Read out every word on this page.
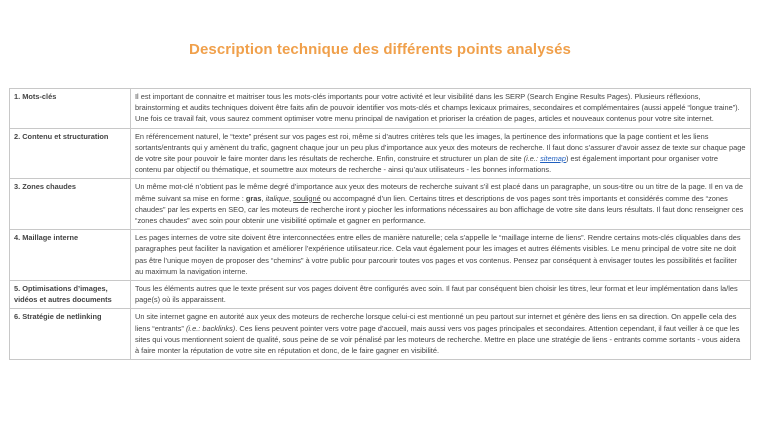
Description technique des différents points analysés
1. Mots-clés	Il est important de connaitre et maitriser tous les mots-clés importants pour votre activité et leur visibilité dans les SERP (Search Engine Results Pages). Plusieurs réflexions, brainstorming et audits techniques doivent être faits afin de pouvoir identifier vos mots-clés et champs lexicaux primaires, secondaires et complémentaires (aussi appelé “longue traine”). Une fois ce travail fait, vous saurez comment optimiser votre menu principal de navigation et prioriser la création de pages, articles et nouveaux contenus pour votre site internet.
2. Contenu et structuration	En référencement naturel, le “texte” présent sur vos pages est roi, même si d’autres critères tels que les images, la pertinence des informations que la page contient et les liens sortants/entrants qui y amènent du trafic, gagnent chaque jour un peu plus d’importance aux yeux des moteurs de recherche. Il faut donc s’assurer d’avoir assez de texte sur chaque page de votre site pour pouvoir le faire monter dans les résultats de recherche. Enfin, construire et structurer un plan de site (i.e.: sitemap) est également important pour organiser votre contenu par objectif ou thématique, et soumettre aux moteurs de recherche - ainsi qu’aux utilisateurs - les bonnes informations.
3. Zones chaudes	Un même mot-clé n’obtient pas le même degré d’importance aux yeux des moteurs de recherche suivant s’il est placé dans un paragraphe, un sous-titre ou un titre de la page. Il en va de même suivant sa mise en forme : gras, italique, souligné ou accompagné d’un lien. Certains titres et descriptions de vos pages sont très importants et considérés comme des “zones chaudes” par les experts en SEO, car les moteurs de recherche iront y piocher les informations nécessaires au bon affichage de votre site dans leurs résultats. Il faut donc renseigner ces “zones chaudes” avec soin pour obtenir une visibilité optimale et gagner en performance.
4. Maillage interne	Les pages internes de votre site doivent être interconnectées entre elles de manière naturelle; cela s’appelle le “maillage interne de liens”. Rendre certains mots-clés cliquables dans des paragraphes peut faciliter la navigation et améliorer l’expérience utilisateur.rice. Cela vaut également pour les images et autres éléments visibles. Le menu principal de votre site ne doit pas être l’unique moyen de proposer des “chemins” à votre public pour parcourir toutes vos pages et vos contenus. Pensez par conséquent à envisager toutes les possibilités et faciliter au maximum la navigation interne.
5. Optimisations d’images, vidéos et autres documents	Tous les éléments autres que le texte présent sur vos pages doivent être configurés avec soin. Il faut par conséquent bien choisir les titres, leur format et leur implémentation dans la/les page(s) où ils apparaissent.
6. Stratégie de netlinking	Un site internet gagne en autorité aux yeux des moteurs de recherche lorsque celui-ci est mentionné un peu partout sur internet et génère des liens en sa direction. On appelle cela des liens “entrants” (i.e.: backlinks). Ces liens peuvent pointer vers votre page d’accueil, mais aussi vers vos pages principales et secondaires. Attention cependant, il faut veiller à ce que les sites qui vous mentionnent soient de qualité, sous peine de se voir pénalisé par les moteurs de recherche. Mettre en place une stratégie de liens - entrants comme sortants - vous aidera à faire monter la réputation de votre site en réputation et donc, de le faire gagner en visibilité.
